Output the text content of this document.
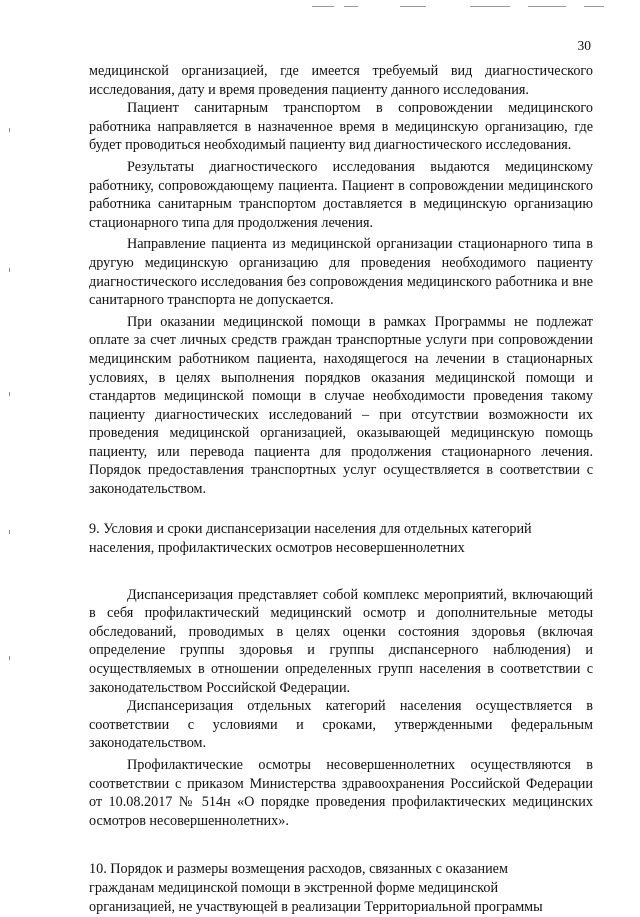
30

медицинской организацией, где имеется требуемый вид диагностического исследования, дату и время проведения пациенту данного исследования.

Пациент санитарным транспортом в сопровождении медицинского работника направляется в назначенное время в медицинскую организацию, где будет проводиться необходимый пациенту вид диагностического исследования.

Результаты диагностического исследования выдаются медицинскому работнику, сопровождающему пациента. Пациент в сопровождении медицинского работника санитарным транспортом доставляется в медицинскую организацию стационарного типа для продолжения лечения.

Направление пациента из медицинской организации стационарного типа в другую медицинскую организацию для проведения необходимого пациенту диагностического исследования без сопровождения медицинского работника и вне санитарного транспорта не допускается.

При оказании медицинской помощи в рамках Программы не подлежат оплате за счет личных средств граждан транспортные услуги при сопровождении медицинским работником пациента, находящегося на лечении в стационарных условиях, в целях выполнения порядков оказания медицинской помощи и стандартов медицинской помощи в случае необходимости проведения такому пациенту диагностических исследований – при отсутствии возможности их проведения медицинской организацией, оказывающей медицинскую помощь пациенту, или перевода пациента для продолжения стационарного лечения. Порядок предоставления транспортных услуг осуществляется в соответствии с законодательством.

9. Условия и сроки диспансеризации населения для отдельных категорий

населения, профилактических осмотров несовершеннолетних

Диспансеризация представляет собой комплекс мероприятий, включающий в себя профилактический медицинский осмотр и дополнительные методы обследований, проводимых в целях оценки состояния здоровья (включая определение группы здоровья и группы диспансерного наблюдения) и осуществляемых в отношении определенных групп населения в соответствии с законодательством Российской Федерации.

Диспансеризация отдельных категорий населения осуществляется в соответствии с условиями и сроками, утвержденными федеральным законодательством.

Профилактические осмотры несовершеннолетних осуществляются в соответствии с приказом Министерства здравоохранения Российской Федерации от 10.08.2017 № 514н «О порядке проведения профилактических медицинских осмотров несовершеннолетних».

10. Порядок и размеры возмещения расходов, связанных с оказанием

гражданам медицинской помощи в экстренной форме медицинской

организацией, не участвующей в реализации Территориальной программы
